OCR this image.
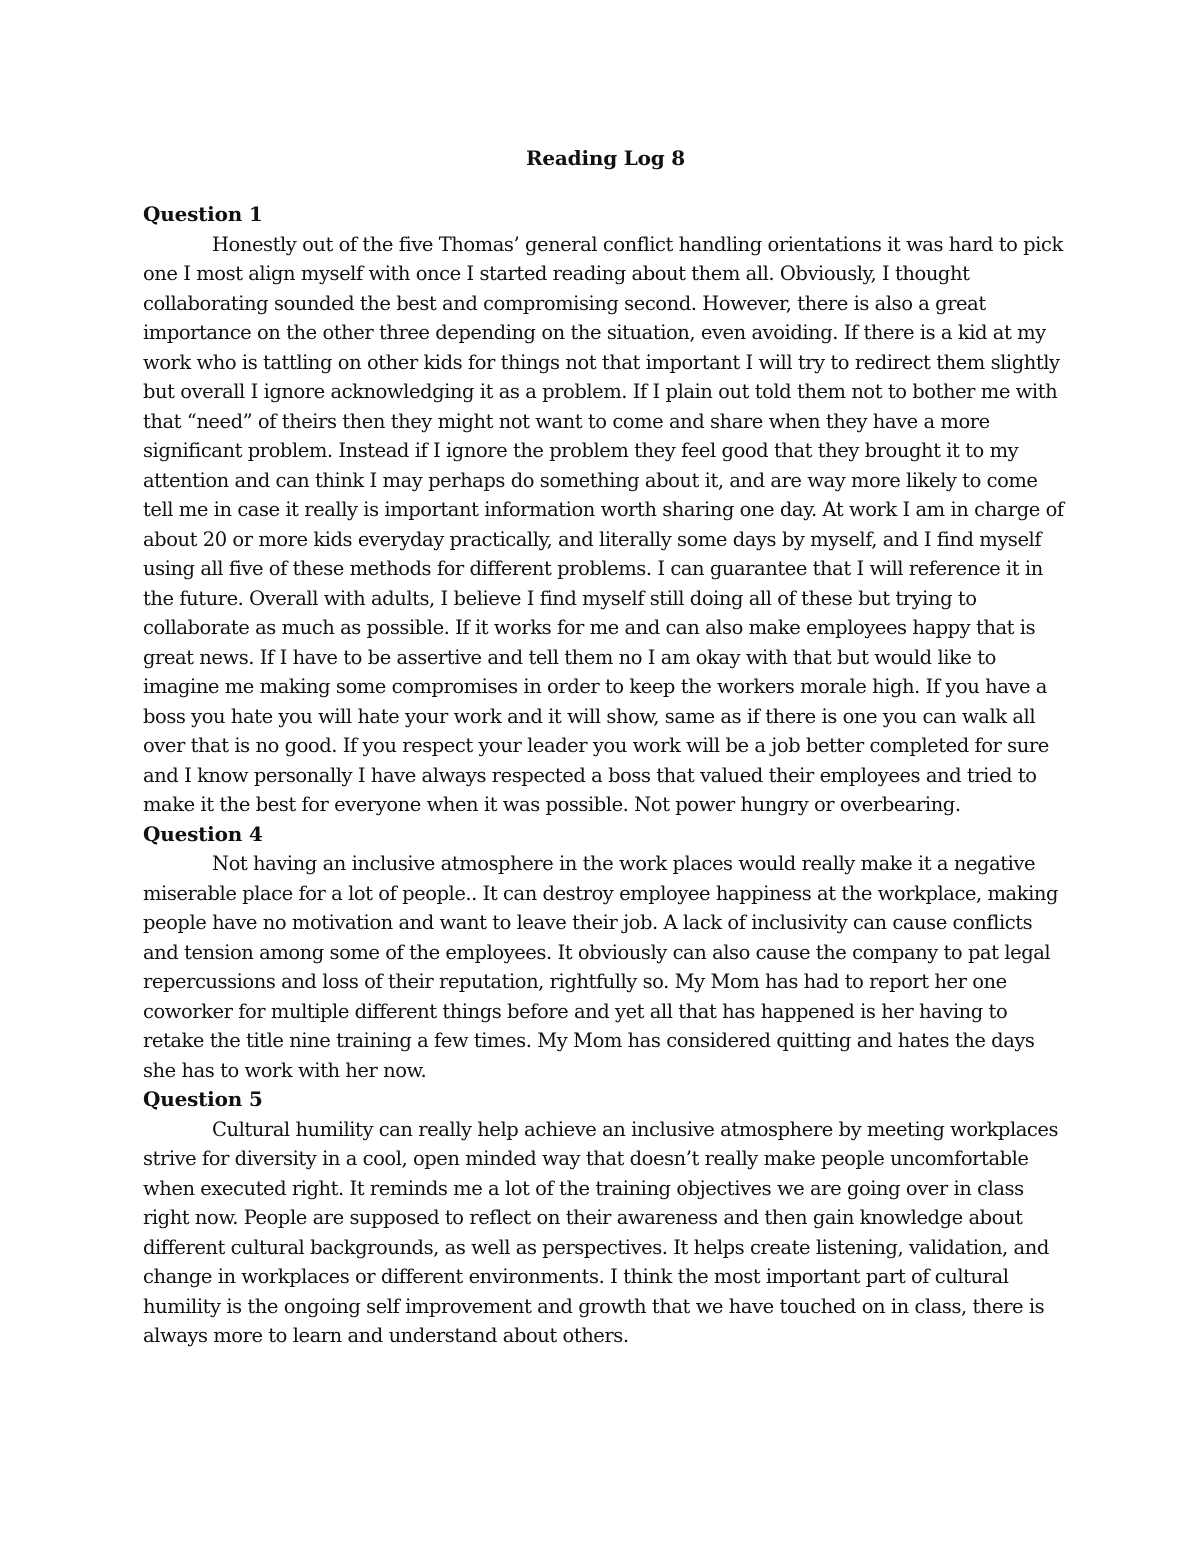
Reading Log 8
Question 1

Honestly out of the five Thomas’ general conflict handling orientations it was hard to pick one I most align myself with once I started reading about them all. Obviously, I thought collaborating sounded the best and compromising second. However, there is also a great importance on the other three depending on the situation, even avoiding. If there is a kid at my work who is tattling on other kids for things not that important I will try to redirect them slightly but overall I ignore acknowledging it as a problem. If I plain out told them not to bother me with that “need” of theirs then they might not want to come and share when they have a more significant problem. Instead if I ignore the problem they feel good that they brought it to my attention and can think I may perhaps do something about it, and are way more likely to come tell me in case it really is important information worth sharing one day. At work I am in charge of about 20 or more kids everyday practically, and literally some days by myself, and I find myself using all five of these methods for different problems. I can guarantee that I will reference it in the future. Overall with adults, I believe I find myself still doing all of these but trying to collaborate as much as possible. If it works for me and can also make employees happy that is great news. If I have to be assertive and tell them no I am okay with that but would like to imagine me making some compromises in order to keep the workers morale high. If you have a boss you hate you will hate your work and it will show, same as if there is one you can walk all over that is no good. If you respect your leader you work will be a job better completed for sure and I know personally I have always respected a boss that valued their employees and tried to make it the best for everyone when it was possible. Not power hungry or overbearing.

Question 4

Not having an inclusive atmosphere in the work places would really make it a negative miserable place for a lot of people.. It can destroy employee happiness at the workplace, making people have no motivation and want to leave their job. A lack of inclusivity can cause conflicts and tension among some of the employees. It obviously can also cause the company to pat legal repercussions and loss of their reputation, rightfully so. My Mom has had to report her one coworker for multiple different things before and yet all that has happened is her having to retake the title nine training a few times. My Mom has considered quitting and hates the days she has to work with her now.

Question 5

Cultural humility can really help achieve an inclusive atmosphere by meeting workplaces strive for diversity in a cool, open minded way that doesn’t really make people uncomfortable when executed right. It reminds me a lot of the training objectives we are going over in class right now. People are supposed to reflect on their awareness and then gain knowledge about different cultural backgrounds, as well as perspectives. It helps create listening, validation, and change in workplaces or different environments. I think the most important part of cultural humility is the ongoing self improvement and growth that we have touched on in class, there is always more to learn and understand about others.
